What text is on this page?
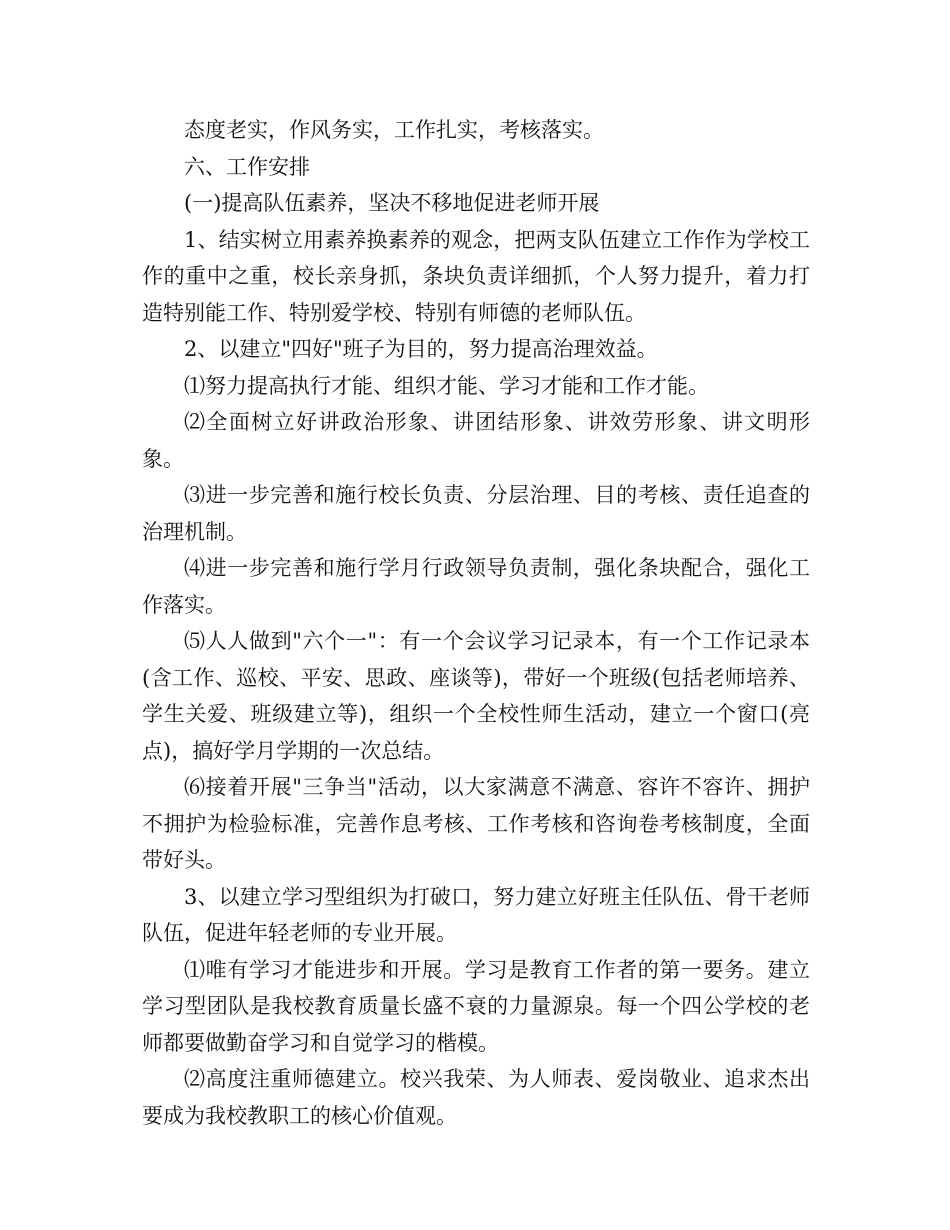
态度老实，作风务实，工作扎实，考核落实。

六、工作安排

(一)提高队伍素养，坚决不移地促进老师开展

1、结实树立用素养换素养的观念，把两支队伍建立工作作为学校工作的重中之重，校长亲身抓，条块负责详细抓，个人努力提升，着力打造特别能工作、特别爱学校、特别有师德的老师队伍。

2、以建立"四好"班子为目的，努力提高治理效益。

⑴努力提高执行才能、组织才能、学习才能和工作才能。

⑵全面树立好讲政治形象、讲团结形象、讲效劳形象、讲文明形象。

⑶进一步完善和施行校长负责、分层治理、目的考核、责任追查的治理机制。

⑷进一步完善和施行学月行政领导负责制，强化条块配合，强化工作落实。

⑸人人做到"六个一"：有一个会议学习记录本，有一个工作记录本(含工作、巡校、平安、思政、座谈等)，带好一个班级(包括老师培养、学生关爱、班级建立等)，组织一个全校性师生活动，建立一个窗口(亮点)，搞好学月学期的一次总结。

⑹接着开展"三争当"活动，以大家满意不满意、容许不容许、拥护不拥护为检验标准，完善作息考核、工作考核和咨询卷考核制度，全面带好头。

3、以建立学习型组织为打破口，努力建立好班主任队伍、骨干老师队伍，促进年轻老师的专业开展。

⑴唯有学习才能进步和开展。学习是教育工作者的第一要务。建立学习型团队是我校教育质量长盛不衰的力量源泉。每一个四公学校的老师都要做勤奋学习和自觉学习的楷模。

⑵高度注重师德建立。校兴我荣、为人师表、爱岗敬业、追求杰出要成为我校教职工的核心价值观。
